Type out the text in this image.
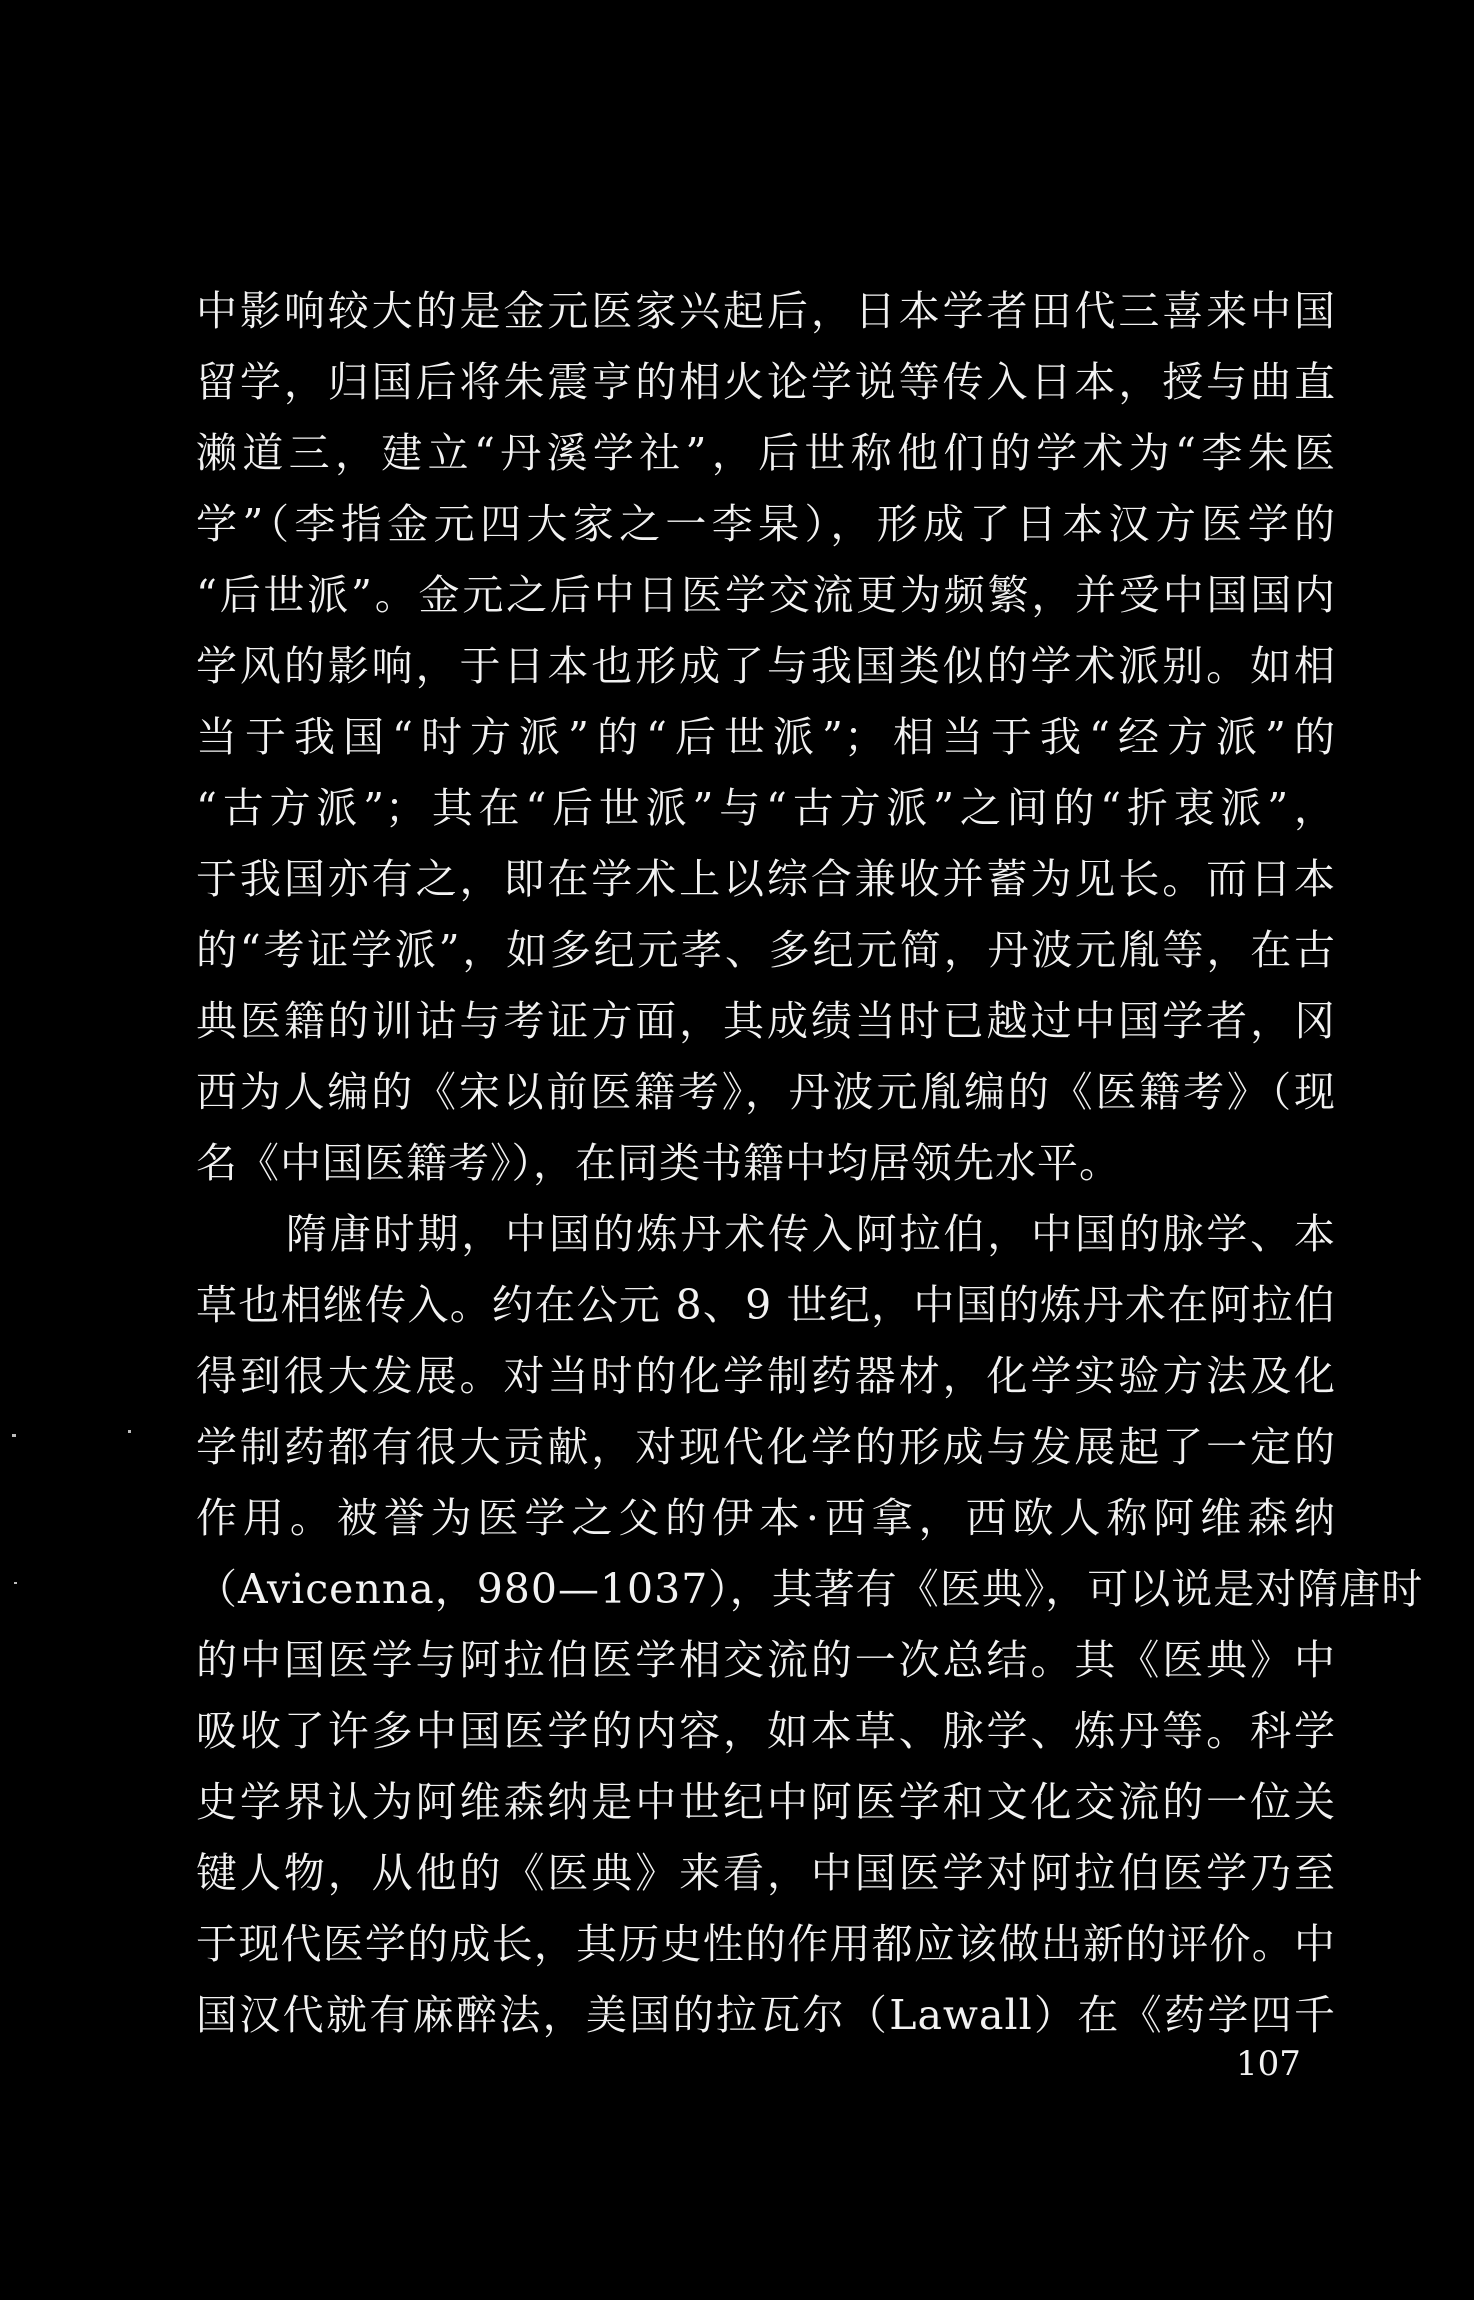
中影响较大的是金元医家兴起后，日本学者田代三喜来中国
留学，归国后将朱震亨的相火论学说等传入日本，授与曲直
濑道三，建立“丹溪学社”，后世称他们的学术为“李朱医
学”（李指金元四大家之一李杲），形成了日本汉方医学的
“后世派”。金元之后中日医学交流更为频繁，并受中国国内
学风的影响，于日本也形成了与我国类似的学术派别。如相
当于我国“时方派”的“后世派”；相当于我“经方派”的
“古方派”；其在“后世派”与“古方派”之间的“折衷派”，
于我国亦有之，即在学术上以综合兼收并蓄为见长。而日本
的“考证学派”，如多纪元孝、多纪元简，丹波元胤等，在古
典医籍的训诂与考证方面，其成绩当时已越过中国学者，冈
西为人编的《宋以前医籍考》，丹波元胤编的《医籍考》（现
名《中国医籍考》），在同类书籍中均居领先水平。
隋唐时期，中国的炼丹术传入阿拉伯，中国的脉学、本
草也相继传入。约在公元 8、9 世纪，中国的炼丹术在阿拉伯
得到很大发展。对当时的化学制药器材，化学实验方法及化
学制药都有很大贡献，对现代化学的形成与发展起了一定的
作用。被誉为医学之父的伊本·西拿，西欧人称阿维森纳
（Avicenna，980—1037），其著有《医典》，可以说是对隋唐时
的中国医学与阿拉伯医学相交流的一次总结。其《医典》中
吸收了许多中国医学的内容，如本草、脉学、炼丹等。科学
史学界认为阿维森纳是中世纪中阿医学和文化交流的一位关
键人物，从他的《医典》来看，中国医学对阿拉伯医学乃至
于现代医学的成长，其历史性的作用都应该做出新的评价。中
国汉代就有麻醉法，美国的拉瓦尔（Lawall）在《药学四千
107
